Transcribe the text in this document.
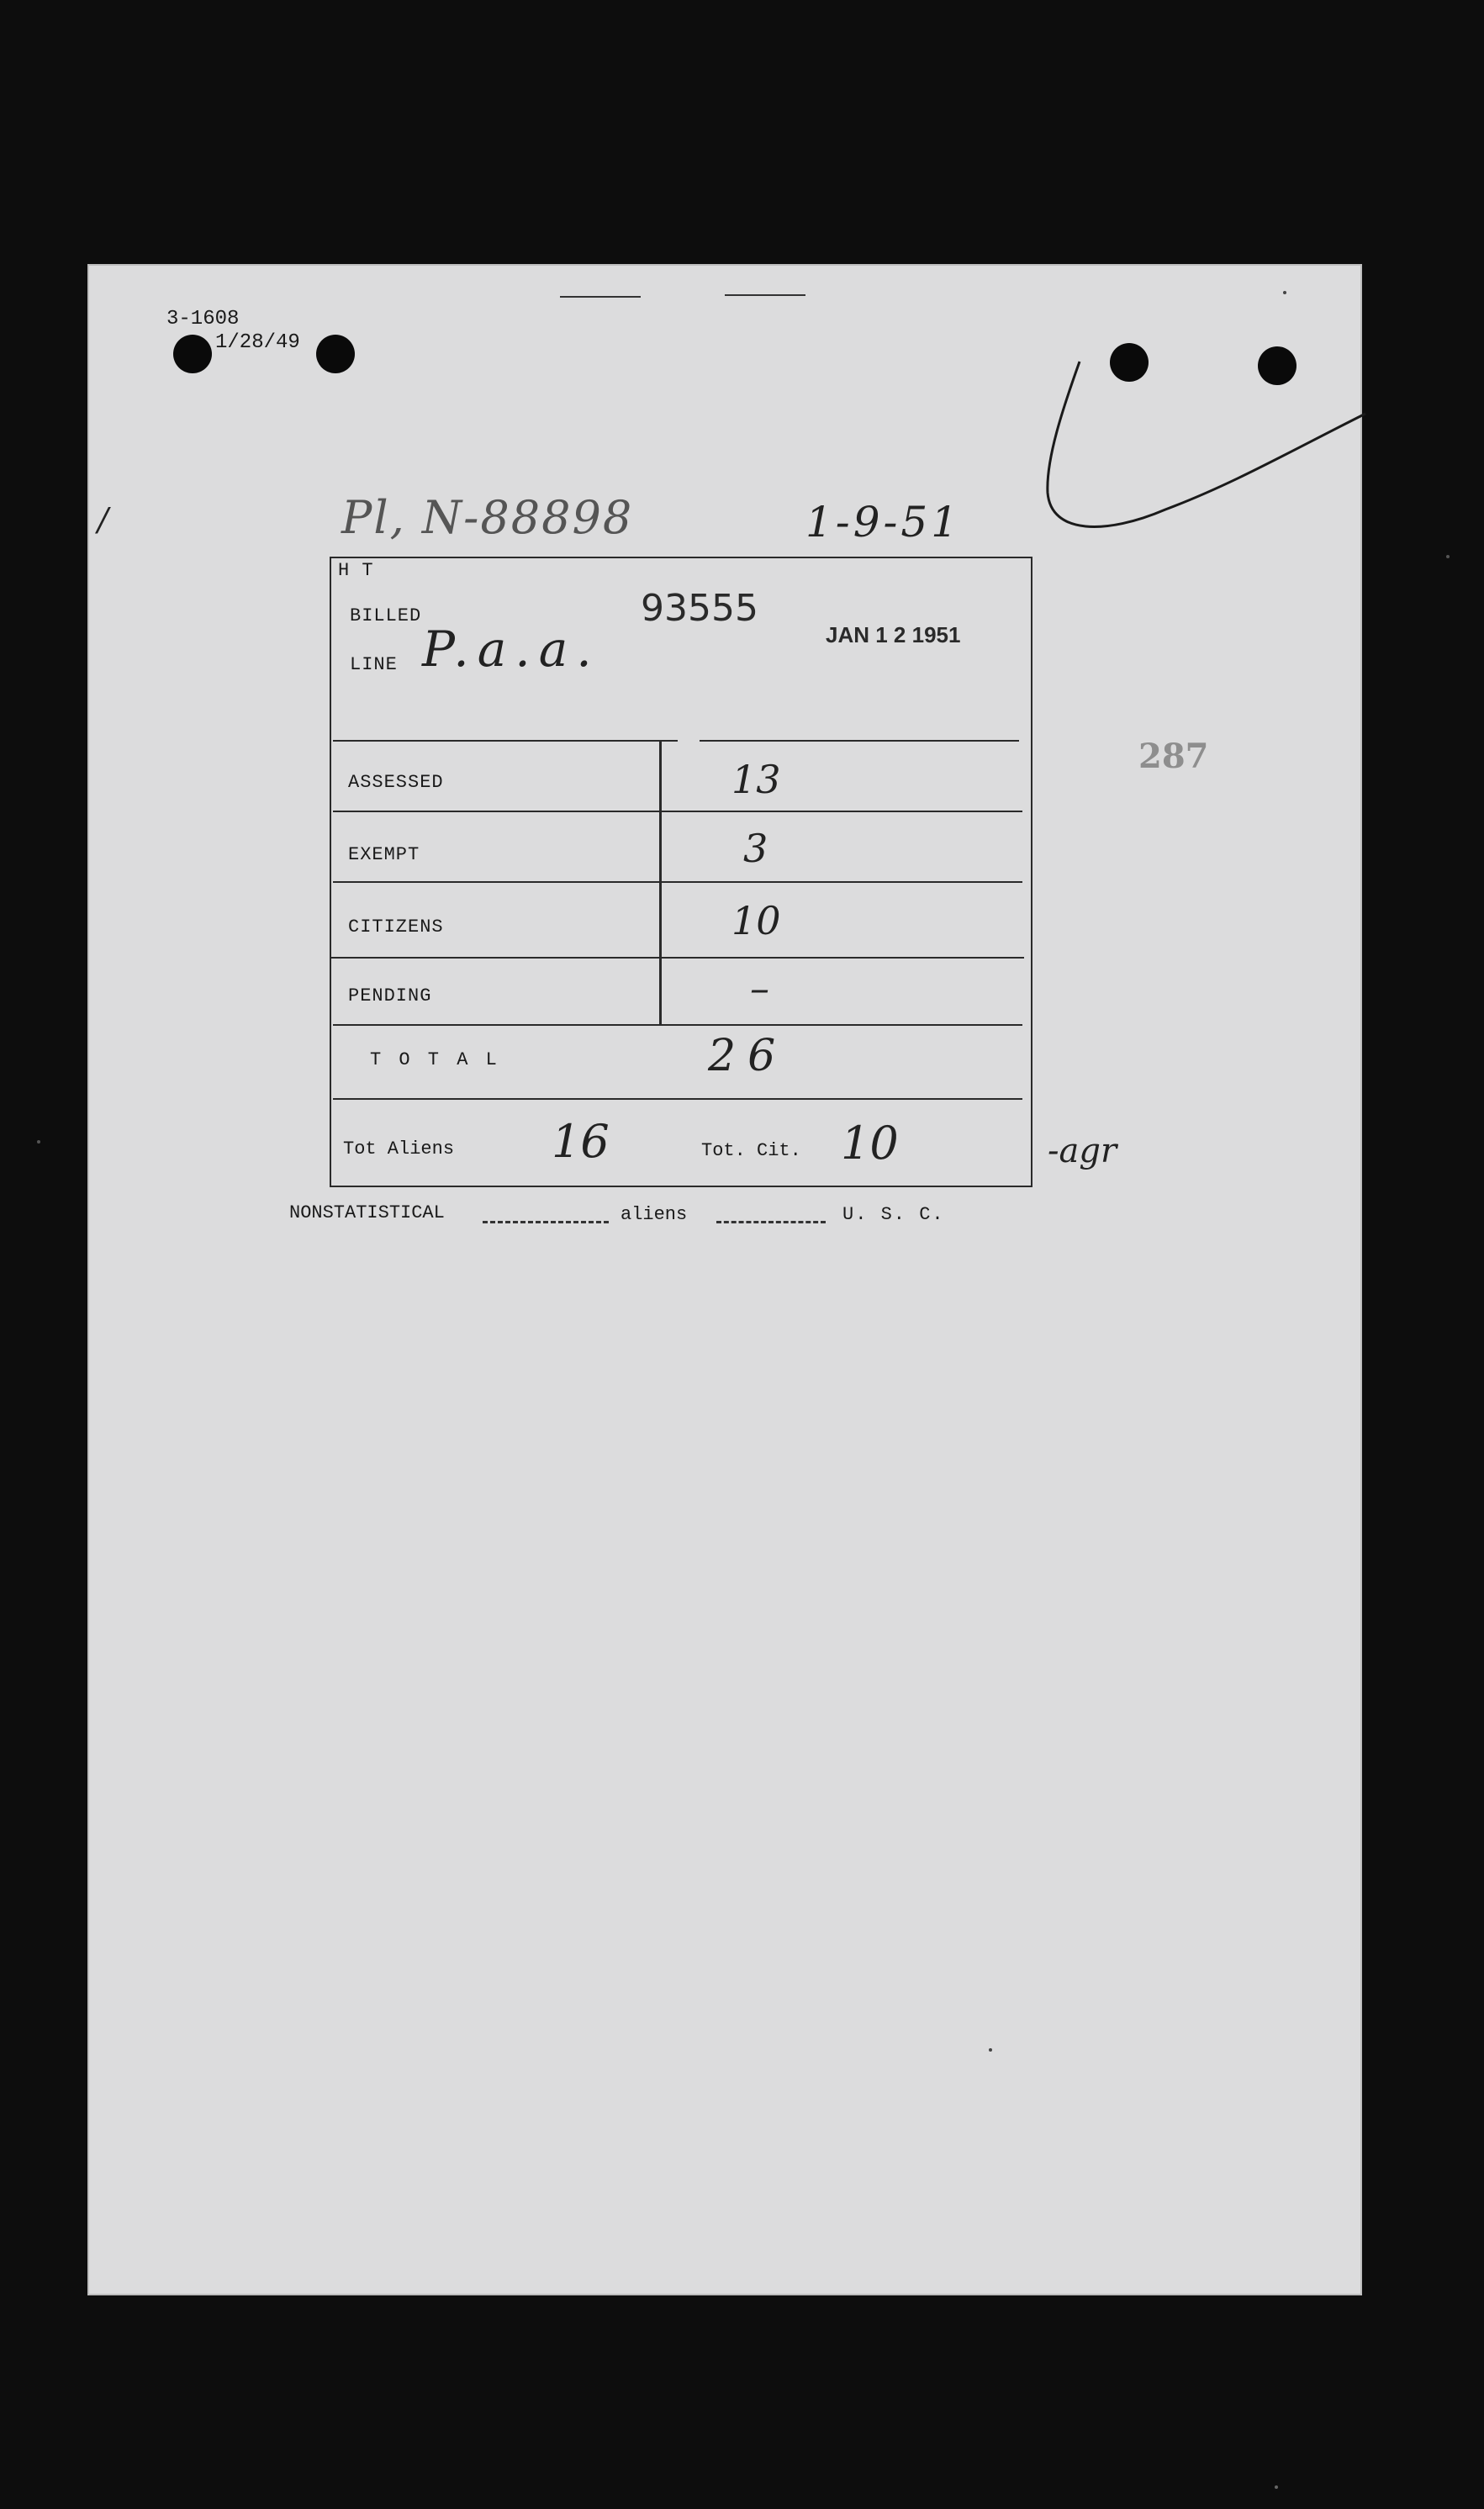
3-1608
1/28/49
/	Pl, N-88898	1-9-51
287
H T
BILLED	93555
JAN 1 2 1951
LINE P.a.a.
ASSESSED	13
EXEMPT	3
CITIZENS	10
PENDING	–
T O T A L	26
Tot Aliens 16	Tot. Cit. 10	-agr
NONSTATISTICAL	aliens	U. S. C.
